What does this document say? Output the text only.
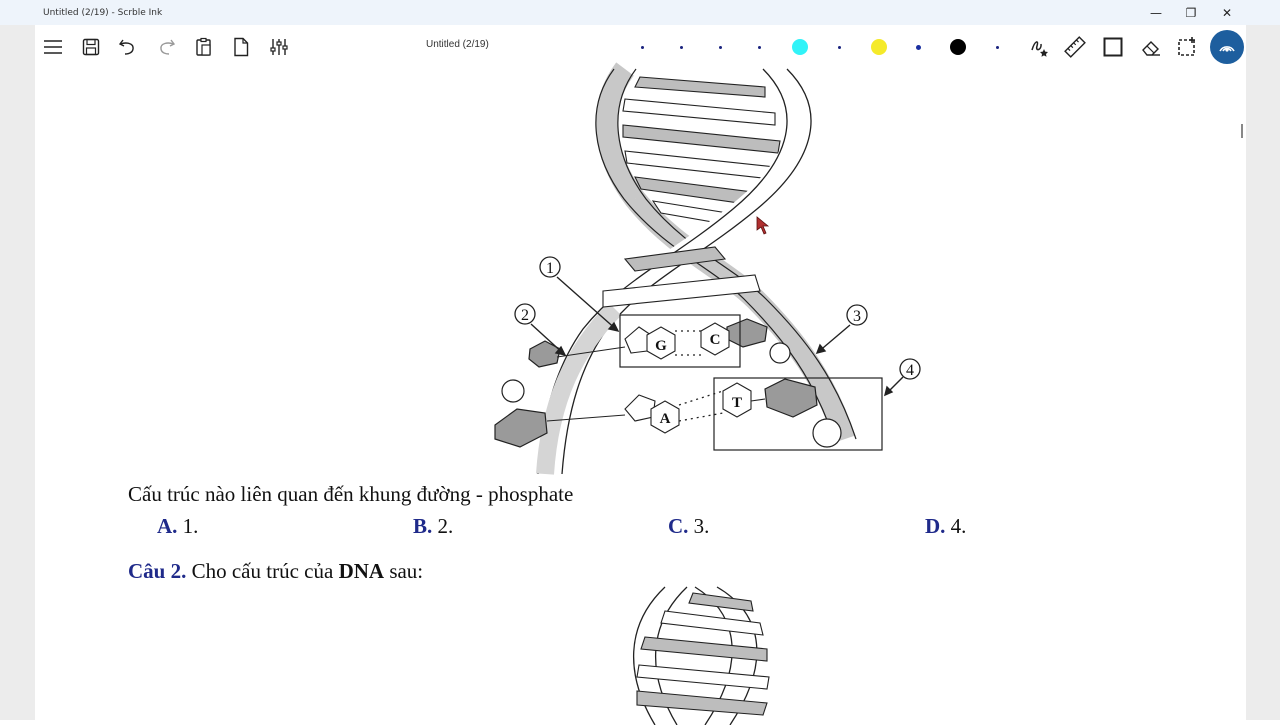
Untitled (2/19) - Scrble Ink	—	❐	✕
Untitled (2/19)
1
2	3
4
G	C
A
T
Cấu trúc nào liên quan đến khung đường - phosphate
A. 1.	B. 2.	C. 3.	D. 4.
Câu 2. Cho cấu trúc của DNA sau:
